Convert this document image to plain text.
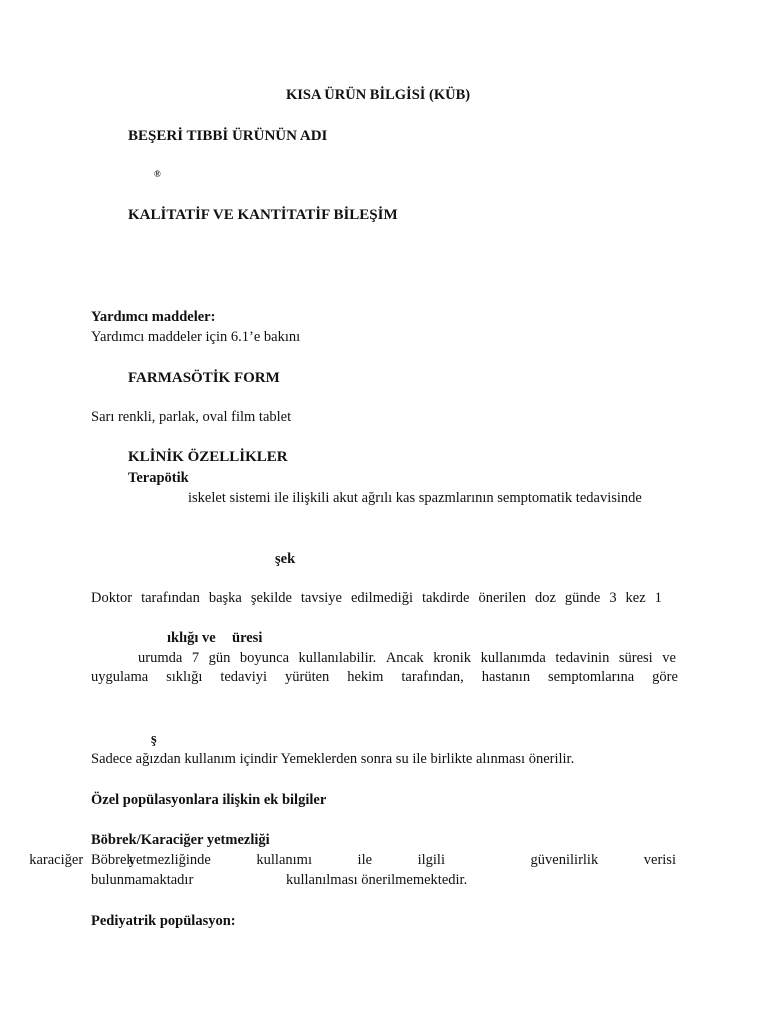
KISA ÜRÜN BİLGİSİ (KÜB)
BEŞERİ TIBBİ ÜRÜNÜN ADI
®
KALİTATİF VE KANTİTATİF BİLEŞİM
Yardımcı maddeler:
Yardımcı maddeler için 6.1’e bakını
FARMASÖTİK FORM
Sarı renkli, parlak, oval film tablet
KLİNİK ÖZELLİKLER
Terapötik
iskelet sistemi ile ilişkili akut ağrılı kas spazmlarının semptomatik tedavisinde
şek
Doktor tarafından başka şekilde tavsiye edilmediği takdirde önerilen doz günde 3 kez 1
ıklığı ve üresi
urumda 7 gün boyunca kullanılabilir. Ancak kronik kullanımda tedavinin süresi ve
uygulama sıklığı tedaviyi yürüten hekim tarafından, hastanın semptomlarına göre
ş
Sadece ağızdan kullanım içindir Yemeklerden sonra su ile birlikte alınması önerilir.
Özel popülasyonlara ilişkin ek bilgiler
Böbrek/Karaciğer yetmezliği
Böbrek
karaciğer	yetmezliğinde	kullanımı	ile	ilgili	güvenilirlik	verisi
bulunmamaktadır	kullanılması önerilmemektedir.
Pediyatrik popülasyon:
